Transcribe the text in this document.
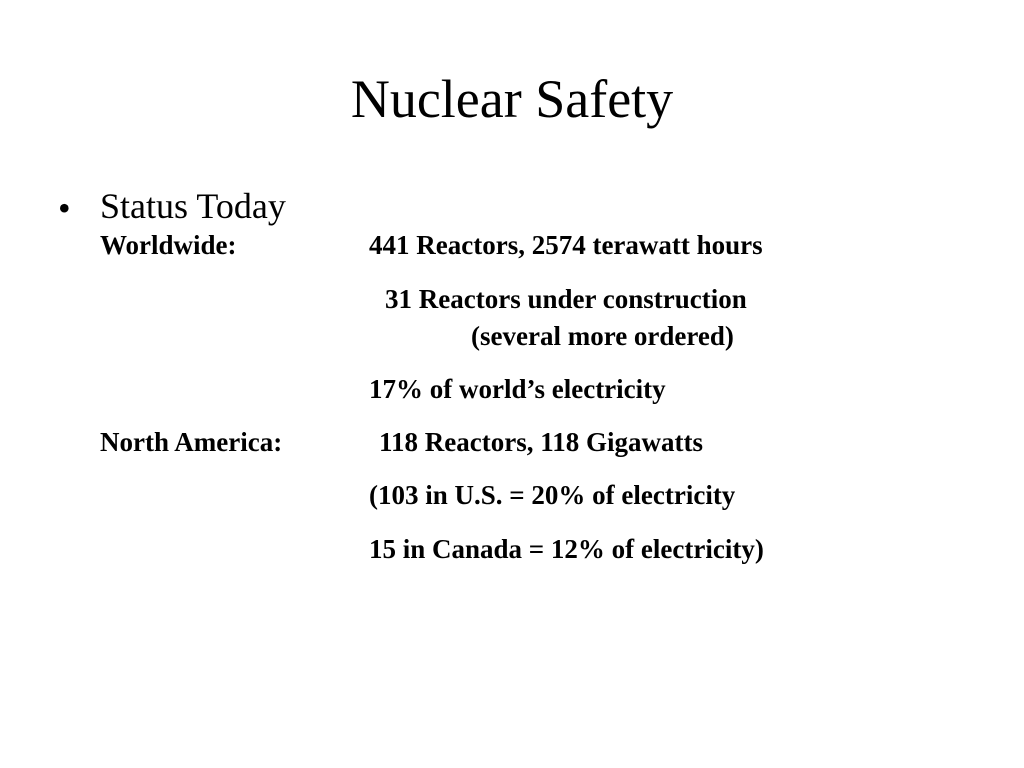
Nuclear Safety
• Status Today
Worldwide:	441 Reactors, 2574 terawatt hours
31 Reactors under construction
(several more ordered)
17% of world’s electricity
North America:	118 Reactors, 118 Gigawatts
(103 in U.S. = 20% of electricity
15 in Canada = 12% of electricity)
